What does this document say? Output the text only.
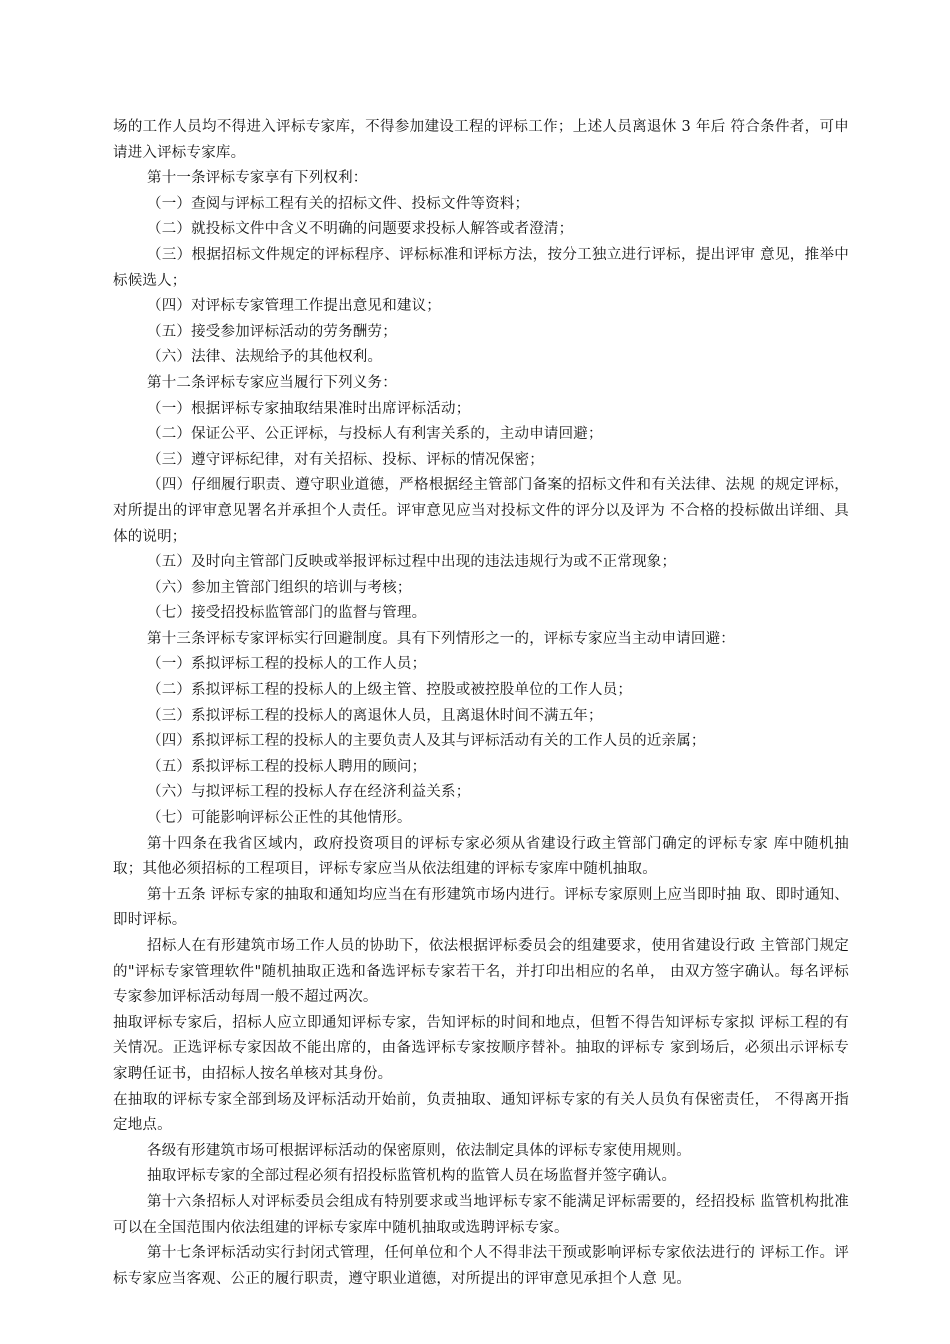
场的工作人员均不得进入评标专家库，不得参加建设工程的评标工作；上述人员离退休 3 年后 符合条件者，可申请进入评标专家库。

第十一条评标专家享有下列权利：

（一）查阅与评标工程有关的招标文件、投标文件等资料；

（二）就投标文件中含义不明确的问题要求投标人解答或者澄清；

（三）根据招标文件规定的评标程序、评标标准和评标方法，按分工独立进行评标，提出评审 意见，推举中标候选人；

（四）对评标专家管理工作提出意见和建议；

（五）接受参加评标活动的劳务酬劳；

（六）法律、法规给予的其他权利。

第十二条评标专家应当履行下列义务：

（一）根据评标专家抽取结果准时出席评标活动；

（二）保证公平、公正评标，与投标人有利害关系的，主动申请回避；

（三）遵守评标纪律，对有关招标、投标、评标的情况保密；

（四）仔细履行职责、遵守职业道德，严格根据经主管部门备案的招标文件和有关法律、法规 的规定评标，对所提出的评审意见署名并承担个人责任。评审意见应当对投标文件的评分以及评为 不合格的投标做出详细、具体的说明；

（五）及时向主管部门反映或举报评标过程中出现的违法违规行为或不正常现象；

（六）参加主管部门组织的培训与考核；

（七）接受招投标监管部门的监督与管理。

第十三条评标专家评标实行回避制度。具有下列情形之一的，评标专家应当主动申请回避：

（一）系拟评标工程的投标人的工作人员；

（二）系拟评标工程的投标人的上级主管、控股或被控股单位的工作人员；

（三）系拟评标工程的投标人的离退休人员，且离退休时间不满五年；

（四）系拟评标工程的投标人的主要负责人及其与评标活动有关的工作人员的近亲属；

（五）系拟评标工程的投标人聘用的顾问；

（六）与拟评标工程的投标人存在经济利益关系；

（七）可能影响评标公正性的其他情形。

第十四条在我省区域内，政府投资项目的评标专家必须从省建设行政主管部门确定的评标专家 库中随机抽取；其他必须招标的工程项目，评标专家应当从依法组建的评标专家库中随机抽取。

第十五条 评标专家的抽取和通知均应当在有形建筑市场内进行。评标专家原则上应当即时抽 取、即时通知、即时评标。

招标人在有形建筑市场工作人员的协助下，依法根据评标委员会的组建要求，使用省建设行政 主管部门规定的"评标专家管理软件"随机抽取正选和备选评标专家若干名，并打印出相应的名单， 由双方签字确认。每名评标专家参加评标活动每周一般不超过两次。

抽取评标专家后，招标人应立即通知评标专家，告知评标的时间和地点，但暂不得告知评标专家拟 评标工程的有关情况。正选评标专家因故不能出席的，由备选评标专家按顺序替补。抽取的评标专 家到场后，必须出示评标专家聘任证书，由招标人按名单核对其身份。

在抽取的评标专家全部到场及评标活动开始前，负责抽取、通知评标专家的有关人员负有保密责任， 不得离开指定地点。

各级有形建筑市场可根据评标活动的保密原则，依法制定具体的评标专家使用规则。

抽取评标专家的全部过程必须有招投标监管机构的监管人员在场监督并签字确认。

第十六条招标人对评标委员会组成有特别要求或当地评标专家不能满足评标需要的，经招投标 监管机构批准可以在全国范围内依法组建的评标专家库中随机抽取或选聘评标专家。

第十七条评标活动实行封闭式管理，任何单位和个人不得非法干预或影响评标专家依法进行的 评标工作。评标专家应当客观、公正的履行职责，遵守职业道德，对所提出的评审意见承担个人意 见。
